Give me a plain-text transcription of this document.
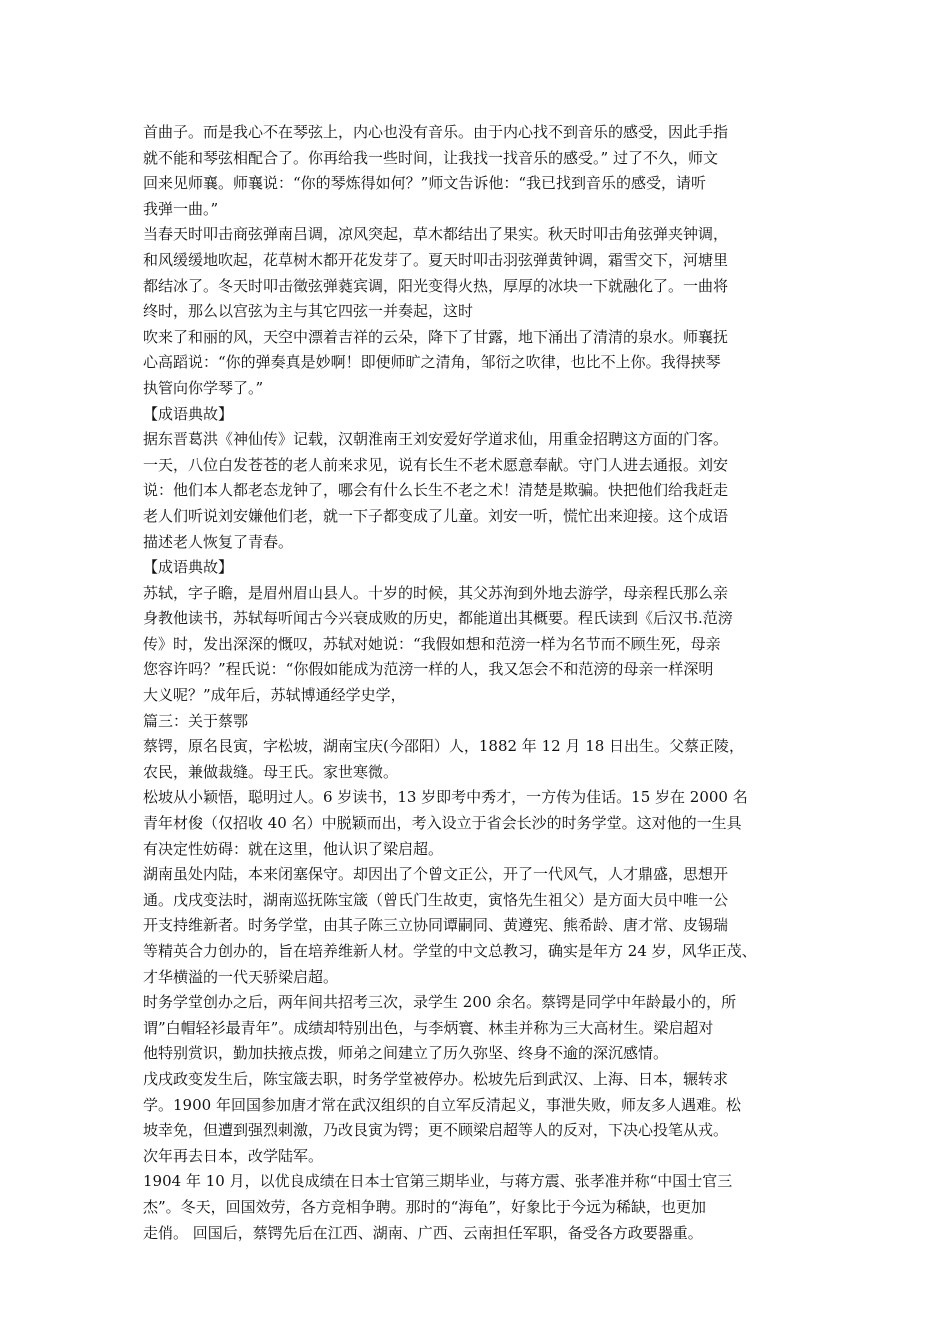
首曲子。而是我心不在琴弦上，内心也没有音乐。由于内心找不到音乐的感受，因此手指
就不能和琴弦相配合了。你再给我一些时间，让我找一找音乐的感受。” 过了不久，师文
回来见师襄。师襄说：“你的琴炼得如何？”师文告诉他：“我已找到音乐的感受，请听
我弹一曲。”
当春天时叩击商弦弹南吕调，凉风突起，草木都结出了果实。秋天时叩击角弦弹夹钟调，
和风缓缓地吹起，花草树木都开花发芽了。夏天时叩击羽弦弹黄钟调，霜雪交下，河塘里
都结冰了。冬天时叩击徵弦弹蕤宾调，阳光变得火热，厚厚的冰块一下就融化了。一曲将
终时，那么以宫弦为主与其它四弦一并奏起，这时
吹来了和丽的风，天空中漂着吉祥的云朵，降下了甘露，地下涌出了清清的泉水。师襄抚
心高蹈说：“你的弹奏真是妙啊！即便师旷之清角，邹衍之吹律，也比不上你。我得挟琴
执管向你学琴了。”
【成语典故】
据东晋葛洪《神仙传》记载，汉朝淮南王刘安爱好学道求仙，用重金招聘这方面的门客。
一天，八位白发苍苍的老人前来求见，说有长生不老术愿意奉献。守门人进去通报。刘安
说：他们本人都老态龙钟了，哪会有什么长生不老之术！清楚是欺骗。快把他们给我赶走
老人们听说刘安嫌他们老，就一下子都变成了儿童。刘安一听，慌忙出来迎接。这个成语
描述老人恢复了青春。
【成语典故】
苏轼，字子瞻，是眉州眉山县人。十岁的时候，其父苏洵到外地去游学，母亲程氏那么亲
身教他读书，苏轼每听闻古今兴衰成败的历史，都能道出其概要。程氏读到《后汉书.范滂
传》时，发出深深的慨叹，苏轼对她说：“我假如想和范滂一样为名节而不顾生死，母亲
您容许吗？”程氏说：“你假如能成为范滂一样的人，我又怎会不和范滂的母亲一样深明
大义呢？”成年后，苏轼博通经学史学，
篇三：关于蔡鄂
蔡锷，原名艮寅，字松坡，湖南宝庆(今邵阳）人，1882 年 12 月 18 日出生。父蔡正陵，
农民，兼做裁缝。母王氏。家世寒微。
松坡从小颖悟，聪明过人。6 岁读书，13 岁即考中秀才，一方传为佳话。15 岁在 2000 名
青年材俊（仅招收 40 名）中脱颖而出，考入设立于省会长沙的时务学堂。这对他的一生具
有决定性妨碍：就在这里，他认识了梁启超。
湖南虽处内陆，本来闭塞保守。却因出了个曾文正公，开了一代风气，人才鼎盛，思想开
通。戊戌变法时，湖南巡抚陈宝箴（曾氏门生故吏，寅恪先生祖父）是方面大员中唯一公
开支持维新者。时务学堂，由其子陈三立协同谭嗣同、黄遵宪、熊希龄、唐才常、皮锡瑞
等精英合力创办的，旨在培养维新人材。学堂的中文总教习，确实是年方 24 岁，风华正茂、
才华横溢的一代天骄梁启超。
时务学堂创办之后，两年间共招考三次，录学生 200 余名。蔡锷是同学中年龄最小的，所
谓”白帽轻衫最青年”。成绩却特别出色，与李炳寰、林圭并称为三大高材生。梁启超对
他特别赏识，勤加扶掖点拨，师弟之间建立了历久弥坚、终身不逾的深沉感情。
戊戌政变发生后，陈宝箴去职，时务学堂被停办。松坡先后到武汉、上海、日本，辗转求
学。1900 年回国参加唐才常在武汉组织的自立军反清起义，事泄失败，师友多人遇难。松
坡幸免，但遭到强烈刺激，乃改艮寅为锷；更不顾梁启超等人的反对，下决心投笔从戎。
次年再去日本，改学陆军。
1904 年 10 月，以优良成绩在日本士官第三期毕业，与蒋方震、张孝准并称“中国士官三
杰”。冬天，回国效劳，各方竞相争聘。那时的“海龟”，好象比于今远为稀缺，也更加
走俏。 回国后，蔡锷先后在江西、湖南、广西、云南担任军职，备受各方政要器重。
